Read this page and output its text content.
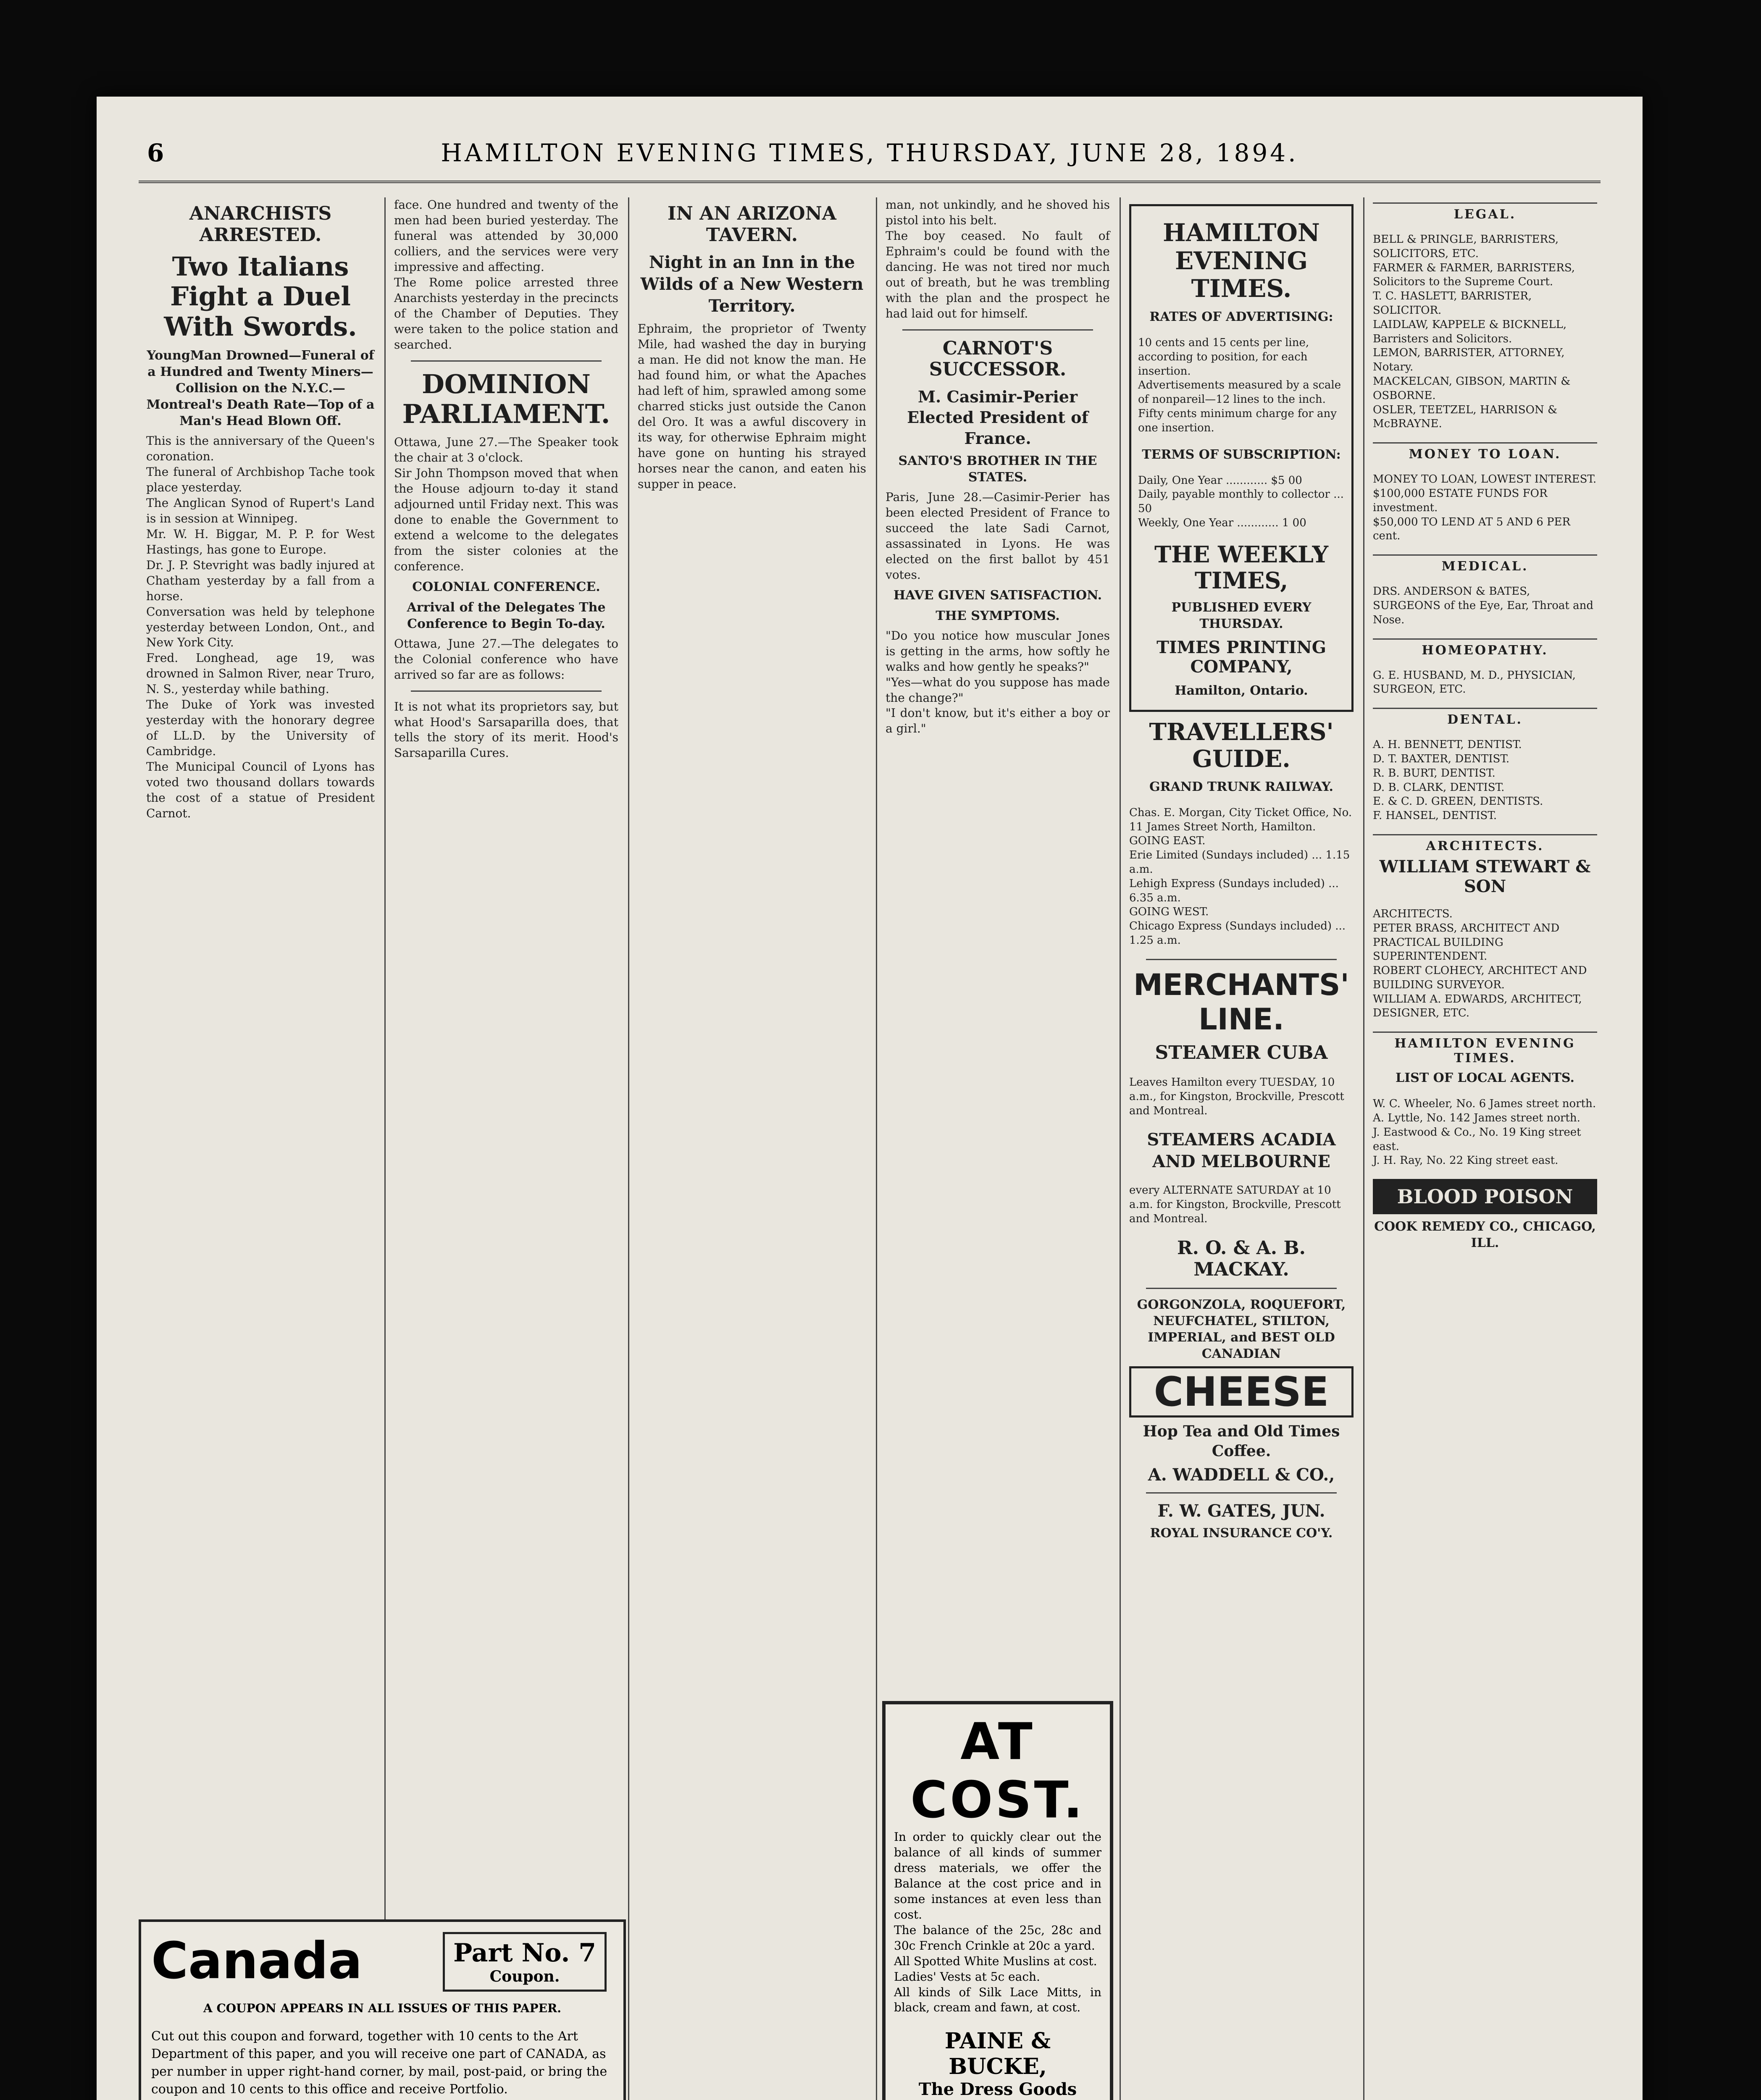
6	HAMILTON EVENING TIMES, THURSDAY, JUNE 28, 1894.
ANARCHISTS ARRESTED.
Two Italians Fight a Duel With Swords.
YoungMan Drowned—Funeral of a Hundred and Twenty Miners—Collision on the N.Y.C.—Montreal's Death Rate—Top of a Man's Head Blown Off.

This is the anniversary of the Queen's coronation.
The funeral of Archbishop Tache took place yesterday.
The Anglican Synod of Rupert's Land is in session at Winnipeg.
Mr. W. H. Biggar, M. P. P. for West Hastings, has gone to Europe.
Dr. J. P. Stevright was badly injured at Chatham yesterday by a fall from a horse.
Conversation was held by telephone yesterday between London, Ont., and New York City.
Fred. Longhead, age 19, was drowned in Salmon River, near Truro, N. S., yesterday while bathing.
The Duke of York was invested yesterday with the honorary degree of LL.D. by the University of Cambridge.
The Municipal Council of Lyons has voted two thousand dollars towards the cost of a statue of President Carnot.

face. One hundred and twenty of the men had been buried yesterday. The funeral was attended by 30,000 colliers, and the services were very impressive and affecting.

The Rome police arrested three Anarchists yesterday in the precincts of the Chamber of Deputies. They were taken to the police station and searched.

DOMINION PARLIAMENT.

Ottawa, June 27.—The Speaker took the chair at 3 o'clock.
Sir John Thompson moved that when the House adjourn to-day it stand adjourned until Friday next. This was done to enable the Government to extend a welcome to the delegates from the sister colonies at the conference.

COLONIAL CONFERENCE.
Arrival of the Delegates The Conference to Begin To-day.

Ottawa, June 27.—The delegates to the Colonial conference who have arrived so far are as follows:

It is not what its proprietors say, but what Hood's Sarsaparilla does, that tells the story of its merit. Hood's Sarsaparilla Cures.

Canada	Part No. 7
Coupon.
A COUPON APPEARS IN ALL ISSUES OF THIS PAPER.
Cut out this coupon and forward, together with 10 cents to the Art Department of this paper, and you will receive one part of CANADA, as per number in upper right-hand corner, by mail, post-paid, or bring the coupon and 10 cents to this office and receive Portfolio.
IN AN ARIZONA TAVERN.
Night in an Inn in the Wilds of a New Western Territory.

Ephraim, the proprietor of Twenty Mile, had washed the day in burying a man. He did not know the man. He had found him, or what the Apaches had left of him, sprawled among some charred sticks just outside the Canon del Oro. It was a awful discovery in its way, for otherwise Ephraim might have gone on hunting his strayed horses near the canon, and eaten his supper in peace.

man, not unkindly, and he shoved his pistol into his belt.
The boy ceased. No fault of Ephraim's could be found with the dancing. He was not tired nor much out of breath, but he was trembling with the plan and the prospect he had laid out for himself.

CARNOT'S SUCCESSOR.
M. Casimir-Perier Elected President of France.
SANTO'S BROTHER IN THE STATES.

Paris, June 28.—Casimir-Perier has been elected President of France to succeed the late Sadi Carnot, assassinated in Lyons. He was elected on the first ballot by 451 votes.

HAVE GIVEN SATISFACTION.
THE SYMPTOMS.

"Do you notice how muscular Jones is getting in the arms, how softly he walks and how gently he speaks?"
"Yes—what do you suppose has made the change?"
"I don't know, but it's either a boy or a girl."

AT COST.

In order to quickly clear out the balance of all kinds of summer dress materials, we offer the Balance at the cost price and in some instances at even less than cost.
The balance of the 25c, 28c and 30c French Crinkle at 20c a yard.
All Spotted White Muslins at cost.
Ladies' Vests at 5c each.
All kinds of Silk Lace Mitts, in black, cream and fawn, at cost.

PAINE & BUCKE,
The Dress Goods
HAMILTON EVENING TIMES.
RATES OF ADVERTISING:

10 cents and 15 cents per line, according to position, for each insertion.
Advertisements measured by a scale of nonpareil—12 lines to the inch.
Fifty cents minimum charge for any one insertion.

TERMS OF SUBSCRIPTION:

Daily, One Year ............ $5 00
Daily, payable monthly to collector ... 50
Weekly, One Year ............ 1 00

THE WEEKLY TIMES,
PUBLISHED EVERY THURSDAY.
TIMES PRINTING COMPANY,
Hamilton, Ontario.
TRAVELLERS' GUIDE.
GRAND TRUNK RAILWAY.

Chas. E. Morgan, City Ticket Office, No. 11 James Street North, Hamilton.
GOING EAST.
Erie Limited (Sundays included) ... 1.15 a.m.
Lehigh Express (Sundays included) ... 6.35 a.m.
GOING WEST.
Chicago Express (Sundays included) ... 1.25 a.m.

MERCHANTS' LINE.
STEAMER CUBA

Leaves Hamilton every TUESDAY, 10 a.m., for Kingston, Brockville, Prescott and Montreal.

STEAMERS ACADIA AND MELBOURNE

every ALTERNATE SATURDAY at 10 a.m. for Kingston, Brockville, Prescott and Montreal.

R. O. & A. B. MACKAY.
GORGONZOLA, ROQUEFORT, NEUFCHATEL, STILTON, IMPERIAL, and BEST OLD CANADIAN
CHEESE
Hop Tea and Old Times Coffee.
A. WADDELL & CO.,
F. W. GATES, JUN.
ROYAL INSURANCE CO'Y.
LEGAL.

BELL & PRINGLE, BARRISTERS, SOLICITORS, ETC.
FARMER & FARMER, BARRISTERS, Solicitors to the Supreme Court.
T. C. HASLETT, BARRISTER, SOLICITOR.
LAIDLAW, KAPPELE & BICKNELL, Barristers and Solicitors.
LEMON, BARRISTER, ATTORNEY, Notary.
MACKELCAN, GIBSON, MARTIN & OSBORNE.
OSLER, TEETZEL, HARRISON & McBRAYNE.

MONEY TO LOAN.

MONEY TO LOAN, LOWEST INTEREST.
$100,000 ESTATE FUNDS FOR investment.
$50,000 TO LEND AT 5 AND 6 PER cent.

MEDICAL.

DRS. ANDERSON & BATES, SURGEONS of the Eye, Ear, Throat and Nose.

HOMEOPATHY.

G. E. HUSBAND, M. D., PHYSICIAN, SURGEON, ETC.

DENTAL.

A. H. BENNETT, DENTIST.
D. T. BAXTER, DENTIST.
R. B. BURT, DENTIST.
D. B. CLARK, DENTIST.
E. & C. D. GREEN, DENTISTS.
F. HANSEL, DENTIST.

ARCHITECTS.
WILLIAM STEWART & SON

ARCHITECTS.
PETER BRASS, ARCHITECT AND PRACTICAL BUILDING SUPERINTENDENT.
ROBERT CLOHECY, ARCHITECT AND BUILDING SURVEYOR.
WILLIAM A. EDWARDS, ARCHITECT, DESIGNER, ETC.

HAMILTON EVENING TIMES.
LIST OF LOCAL AGENTS.

W. C. Wheeler, No. 6 James street north.
A. Lyttle, No. 142 James street north.
J. Eastwood & Co., No. 19 King street east.
J. H. Ray, No. 22 King street east.

BLOOD POISON
COOK REMEDY CO., CHICAGO, ILL.
